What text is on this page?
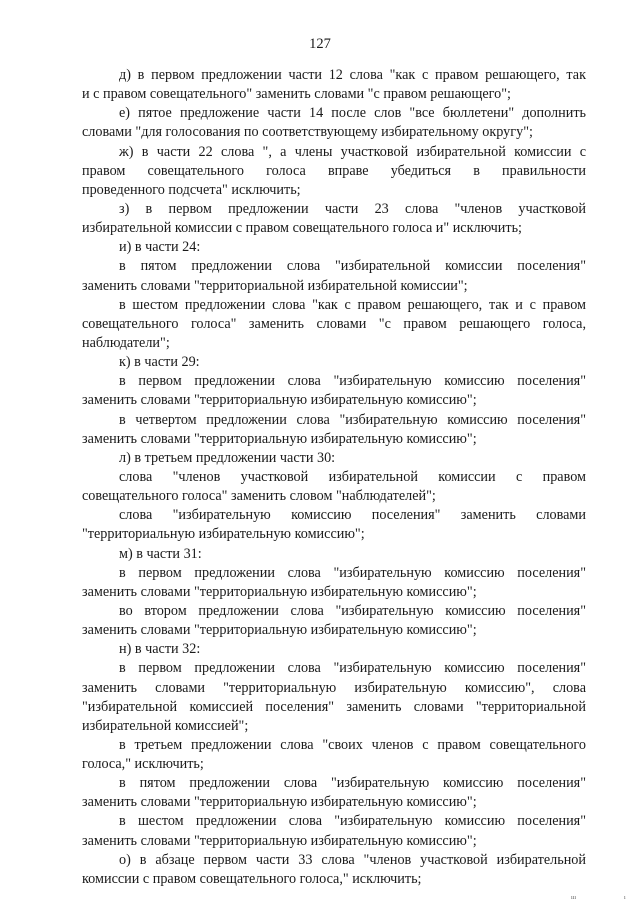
127
д) в первом предложении части 12 слова "как с правом решающего, так
и с правом совещательного" заменить словами "с правом решающего";
е) пятое предложение части 14 после слов "все бюллетени" дополнить
словами "для голосования по соответствующему избирательному округу";
ж) в части 22 слова ", а члены участковой избирательной комиссии с
правом совещательного голоса вправе убедиться в правильности
проведенного подсчета" исключить;
з) в первом предложении части 23 слова "членов участковой
избирательной комиссии с правом совещательного голоса и" исключить;
и) в части 24:
в пятом предложении слова "избирательной комиссии поселения"
заменить словами "территориальной избирательной комиссии";
в шестом предложении слова "как с правом решающего, так и с правом
совещательного голоса" заменить словами "с правом решающего голоса,
наблюдатели";
к) в части 29:
в первом предложении слова "избирательную комиссию поселения"
заменить словами "территориальную избирательную комиссию";
в четвертом предложении слова "избирательную комиссию поселения"
заменить словами "территориальную избирательную комиссию";
л) в третьем предложении части 30:
слова "членов участковой избирательной комиссии с правом
совещательного голоса" заменить словом "наблюдателей";
слова "избирательную комиссию поселения" заменить словами
"территориальную избирательную комиссию";
м) в части 31:
в первом предложении слова "избирательную комиссию поселения"
заменить словами "территориальную избирательную комиссию";
во втором предложении слова "избирательную комиссию поселения"
заменить словами "территориальную избирательную комиссию";
н) в части 32:
в первом предложении слова "избирательную комиссию поселения"
заменить словами "территориальную избирательную комиссию", слова
"избирательной комиссией поселения" заменить словами "территориальной
избирательной комиссией";
в третьем предложении слова "своих членов с правом совещательного
голоса," исключить;
в пятом предложении слова "избирательную комиссию поселения"
заменить словами "территориальную избирательную комиссию";
в шестом предложении слова "избирательную комиссию поселения"
заменить словами "территориальную избирательную комиссию";
о) в абзаце первом части 33 слова "членов участковой избирательной
комиссии с правом совещательного голоса," исключить;
ııı	ı
